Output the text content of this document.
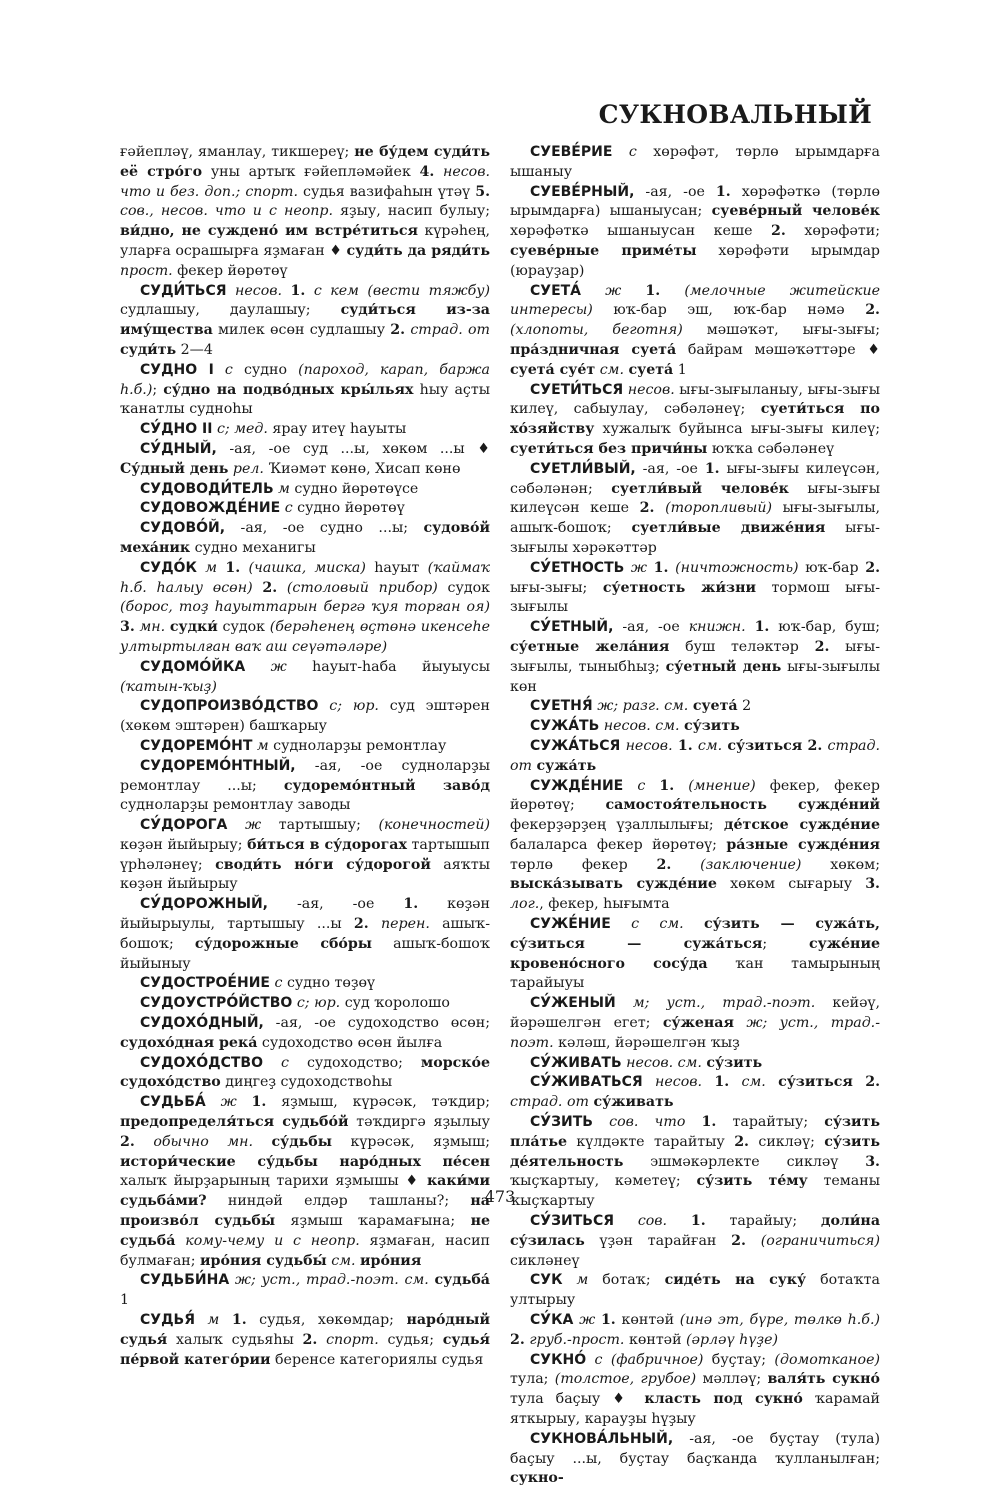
СУКНОВАЛЬНЫЙ

ғәйепләү, яманлау, тикшереү; не бу́дем суди́ть её стро́го уны артыҡ ғәйепләмәйек 4. несов. что и без. доп.; спорт. судья вазифаһын үтәү 5. сов., несов. что и с неопр. яҙыу, насип булыу; ви́дно, не суждено́ им встре́титься күрәһең, уларға осрашырға яҙмаған ♦ суди́ть да ряди́ть прост. фекер йөрөтөү

СУДИ́ТЬСЯ несов. 1. с кем (вести тяжбу) судлашыу, даулашыу; суди́ться из-за иму́щества милек өсөн судлашыу 2. страд. от суди́ть 2—4

СУДНО I с судно (пароход, карап, баржа һ.б.); су́дно на подво́дных кры́льях һыу аҫты ҡанатлы судноһы

СУ́ДНО II с; мед. ярау итеү һауыты

СУ́ДНЫЙ, -ая, -ое суд ...ы, хөкөм ...ы ♦ Су́дный день рел. Ҡиәмәт көнө, Хисап көнө

СУДОВОДИ́ТЕЛЬ м судно йөрөтөүсе

СУДОВОЖДЕ́НИЕ с судно йөрөтөү

СУДОВО́Й, -ая, -ое судно ...ы; судово́й меха́ник судно механигы

СУДО́К м 1. (чашка, миска) һауыт (ҡаймаҡ һ.б. һалыу өсөн) 2. (столовый прибор) судок (борос, тоҙ һауыттарын бергә ҡуя торған оя) 3. мн. судки́ судок (берәһенең өҫтөнә икенсеһе ултыртылған ваҡ аш сеүәтәләре)

СУДОМО́ЙКА ж һауыт-һаба йыуыусы (ҡатын-ҡыҙ)

СУДОПРОИЗВО́ДСТВО с; юр. суд эштәрен (хөкөм эштәрен) башҡарыу

СУДОРЕМО́НТ м судноларҙы ремонтлау

СУДОРЕМО́НТНЫЙ, -ая, -ое судноларҙы ремонтлау ...ы; судоремо́нтный заво́д судноларҙы ремонтлау заводы

СУ́ДОРОГА ж тартышыу; (конечностей) көҙән йыйырыу; би́ться в су́дорогах тартышып үрһәләнеү; своди́ть но́ги су́дорогой аяҡты көҙән йыйырыу

СУ́ДОРОЖНЫЙ, -ая, -ое 1. көҙән йыйырыулы, тартышыу ...ы 2. перен. ашыҡ-бошоҡ; су́дорожные сбо́ры ашыҡ-бошоҡ йыйыныу

СУДОСТРОЕ́НИЕ с судно төҙөү

СУДОУСТРО́ЙСТВО с; юр. суд ҡоролошо

СУДОХО́ДНЫЙ, -ая, -ое судоходство өсөн; судохо́дная река́ судоходство өсөн йылға

СУДОХО́ДСТВО с судоходство; морско́е судохо́дство диңгеҙ судоходствоһы

СУДЬБА́ ж 1. яҙмыш, күрәсәк, тәҡдир; предопределя́ться судьбо́й тәҡдиргә яҙылыу 2. обычно мн. су́дьбы күрәсәк, яҙмыш; истори́ческие су́дьбы наро́дных пе́сен халыҡ йырҙарының тарихи яҙмышы ♦ каки́ми судьба́ми? ниндәй елдәр ташланы?; на произво́л судьбы́ яҙмыш ҡарамағына; не судьба́ кому-чему и с неопр. яҙмаған, насип булмаған; иро́ния судьбы́ см. иро́ния

СУДЬБИ́НА ж; уст., трад.-поэт. см. судьба́ 1

СУДЬЯ́ м 1. судья, хөкөмдар; наро́дный судья́ халыҡ судьяһы 2. спорт. судья; судья́ пе́рвой катего́рии беренсе категориялы судья

СУЕВЕ́РИЕ с хөрәфәт, төрлө ырымдарға ышаныу

СУЕВЕ́РНЫЙ, -ая, -ое 1. хөрәфәткә (төрлө ырымдарға) ышаныусан; суеве́рный челове́к хөрәфәткә ышаныусан кеше 2. хөрәфәти; суеве́рные приме́ты хөрәфәти ырымдар (юрауҙар)

СУЕТА́ ж 1. (мелочные житейские интересы) юҡ-бар эш, юҡ-бар нәмә 2. (хлопоты, беготня) мәшәҡәт, ығы-зығы; пра́здничная суета́ байрам мәшәҡәттәре ♦ суета́ суе́т см. суета́ 1

СУЕТИ́ТЬСЯ несов. ығы-зығыланыу, ығы-зығы килеү, сабыулау, сәбәләнеү; суети́ться по хо́зяйству хужалыҡ буйынса ығы-зығы килеү; суети́ться без причи́ны юҡҡа сәбәләнеү

СУЕТЛИ́ВЫЙ, -ая, -ое 1. ығы-зығы килеүсән, сәбәләнән; суетли́вый челове́к ығы-зығы килеүсән кеше 2. (торопливый) ығы-зығылы, ашыҡ-бошоҡ; суетли́вые движе́ния ығы-зығылы хәрәкәттәр

СУ́ЕТНОСТЬ ж 1. (ничтожность) юҡ-бар 2. ығы-зығы; су́етность жи́зни тормош ығы-зығылы

СУ́ЕТНЫЙ, -ая, -ое книжн. 1. юҡ-бар, буш; су́етные жела́ния буш теләктәр 2. ығы-зығылы, тыныбһыҙ; су́етный день ығы-зығылы көн

СУЕТНЯ́ ж; разг. см. суета́ 2

СУЖА́ТЬ несов. см. су́зить

СУЖА́ТЬСЯ несов. 1. см. су́зиться 2. страд. от сужа́ть

СУЖДЕ́НИЕ с 1. (мнение) фекер, фекер йөрөтөү; самостоя́тельность сужде́ний фекерҙәрҙең үҙаллылығы; де́тское сужде́ние балаларса фекер йөрөтөү; ра́зные сужде́ния төрлө фекер 2. (заключение) хөкөм; выска́зывать сужде́ние хөкөм сығарыу 3. лог., фекер, һығымта

СУЖЕ́НИЕ с см. су́зить — сужа́ть, су́зиться — сужа́ться; суже́ние кровено́сного сосу́да ҡан тамырының тарайыуы

СУ́ЖЕНЫЙ м; уст., трад.-поэт. кейәү, йәрәшелгән егет; су́женая ж; уст., трад.-поэт. кәләш, йәрәшелгән ҡыҙ

СУ́ЖИВАТЬ несов. см. су́зить

СУ́ЖИВАТЬСЯ несов. 1. см. су́зиться 2. страд. от су́живать

СУ́ЗИТЬ сов. что 1. тарайтыу; су́зить пла́тье күлдәкте тарайтыу 2. сикләү; су́зить де́ятельность эшмәкәрлекте сикләү 3. ҡыҫҡартыу, кәметеү; су́зить те́му теманы ҡыҫҡартыу

СУ́ЗИТЬСЯ сов. 1. тарайыу; доли́на су́зилась үҙән тарайған 2. (ограничиться) сикләнеү

СУК м ботаҡ; сиде́ть на суку́ ботаҡта ултырыу

СУ́КА ж 1. көнтәй (инә эт, бүре, төлкө һ.б.) 2. груб.-прост. көнтәй (әрләү һүҙе)

СУКНО́ с (фабричное) буҫтау; (домотканое) тула; (толстое, грубое) мәлләү; валя́ть сукно́ тула баҫыу ♦ класть под сукно́ ҡарамай яткырыу, карауҙы һүҙыу

СУКНОВА́ЛЬНЫЙ, -ая, -ое буҫтау (тула) баҫыу ...ы, буҫтау баҫҡанда ҡулланылған; сукно-

473
